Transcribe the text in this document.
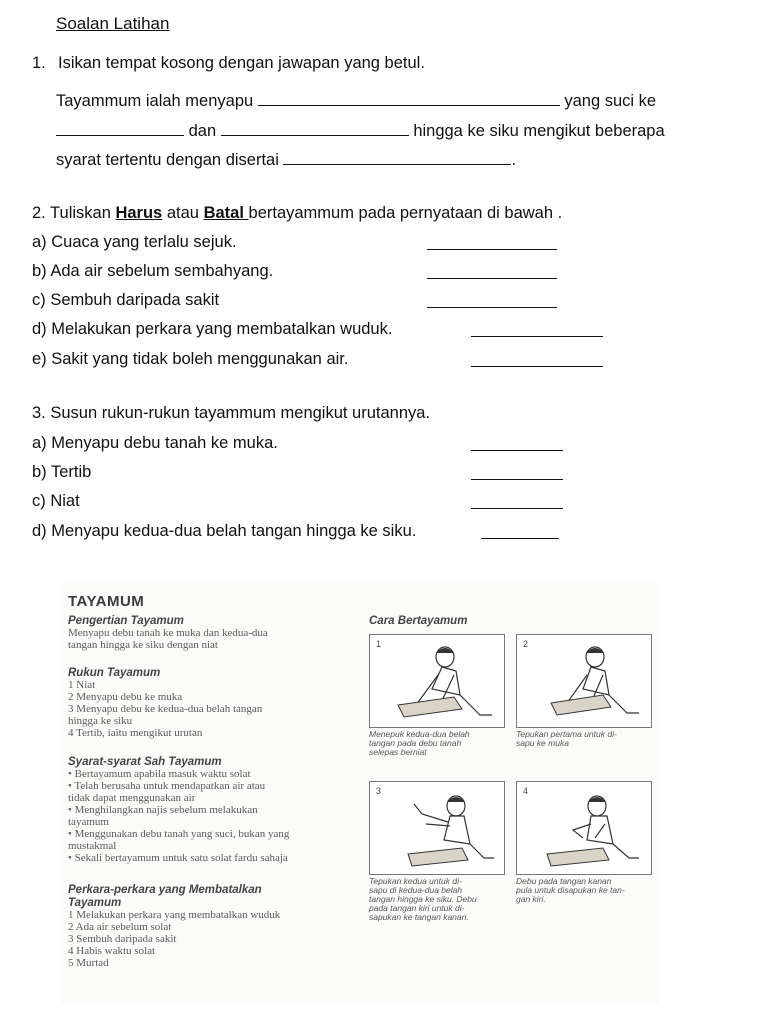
Soalan Latihan
1. Isikan tempat kosong dengan jawapan yang betul.
Tayammum ialah menyapu	yang suci ke
dan	hingga ke siku mengikut beberapa
syarat tertentu dengan disertai	.
2. Tuliskan Harus atau Batal bertayammum pada pernyataan di bawah .
a) Cuaca yang terlalu sejuk.
b) Ada air sebelum sembahyang.
c) Sembuh daripada sakit
d) Melakukan perkara yang membatalkan wuduk.
e) Sakit yang tidak boleh menggunakan air.
3. Susun rukun-rukun tayammum mengikut urutannya.
a) Menyapu debu tanah ke muka.
b) Tertib
c) Niat
d) Menyapu kedua-dua belah tangan hingga ke siku.
TAYAMUM
Pengertian Tayamum
Menyapu debu tanah ke muka dan kedua-dua
tangan hingga ke siku dengan niat
Rukun Tayamum
1 Niat
2 Menyapu debu ke muka
3 Menyapu debu ke kedua-dua belah tangan
hingga ke siku
4 Tertib, iaitu mengikut urutan
Syarat-syarat Sah Tayamum
• Bertayamum apabila masuk waktu solat
• Telah berusaha untuk mendapatkan air atau
tidak dapat menggunakan air
• Menghilangkan najis sebelum melakukan
tayamum
• Menggunakan debu tanah yang suci, bukan yang
mustakmal
• Sekali bertayamum untuk satu solat fardu sahaja
Perkara-perkara yang Membatalkan
Tayamum
1 Melakukan perkara yang membatalkan wuduk
2 Ada air sebelum solat
3 Sembuh daripada sakit
4 Habis waktu solat
5 Murtad
Cara Bertayamum
1
Menepuk kedua-dua belah
tangan pada debu tanah
selepas berniat
2
Tepukan pertama untuk di-
sapu ke muka
3
Tepukan kedua untuk di-
sapu di kedua-dua belah
tangan hingga ke siku. Debu
pada tangan kiri untuk di-
sapukan ke tangan kanan.
4
Debu pada tangan kanan
pula untuk disapukan ke tan-
gan kiri.
